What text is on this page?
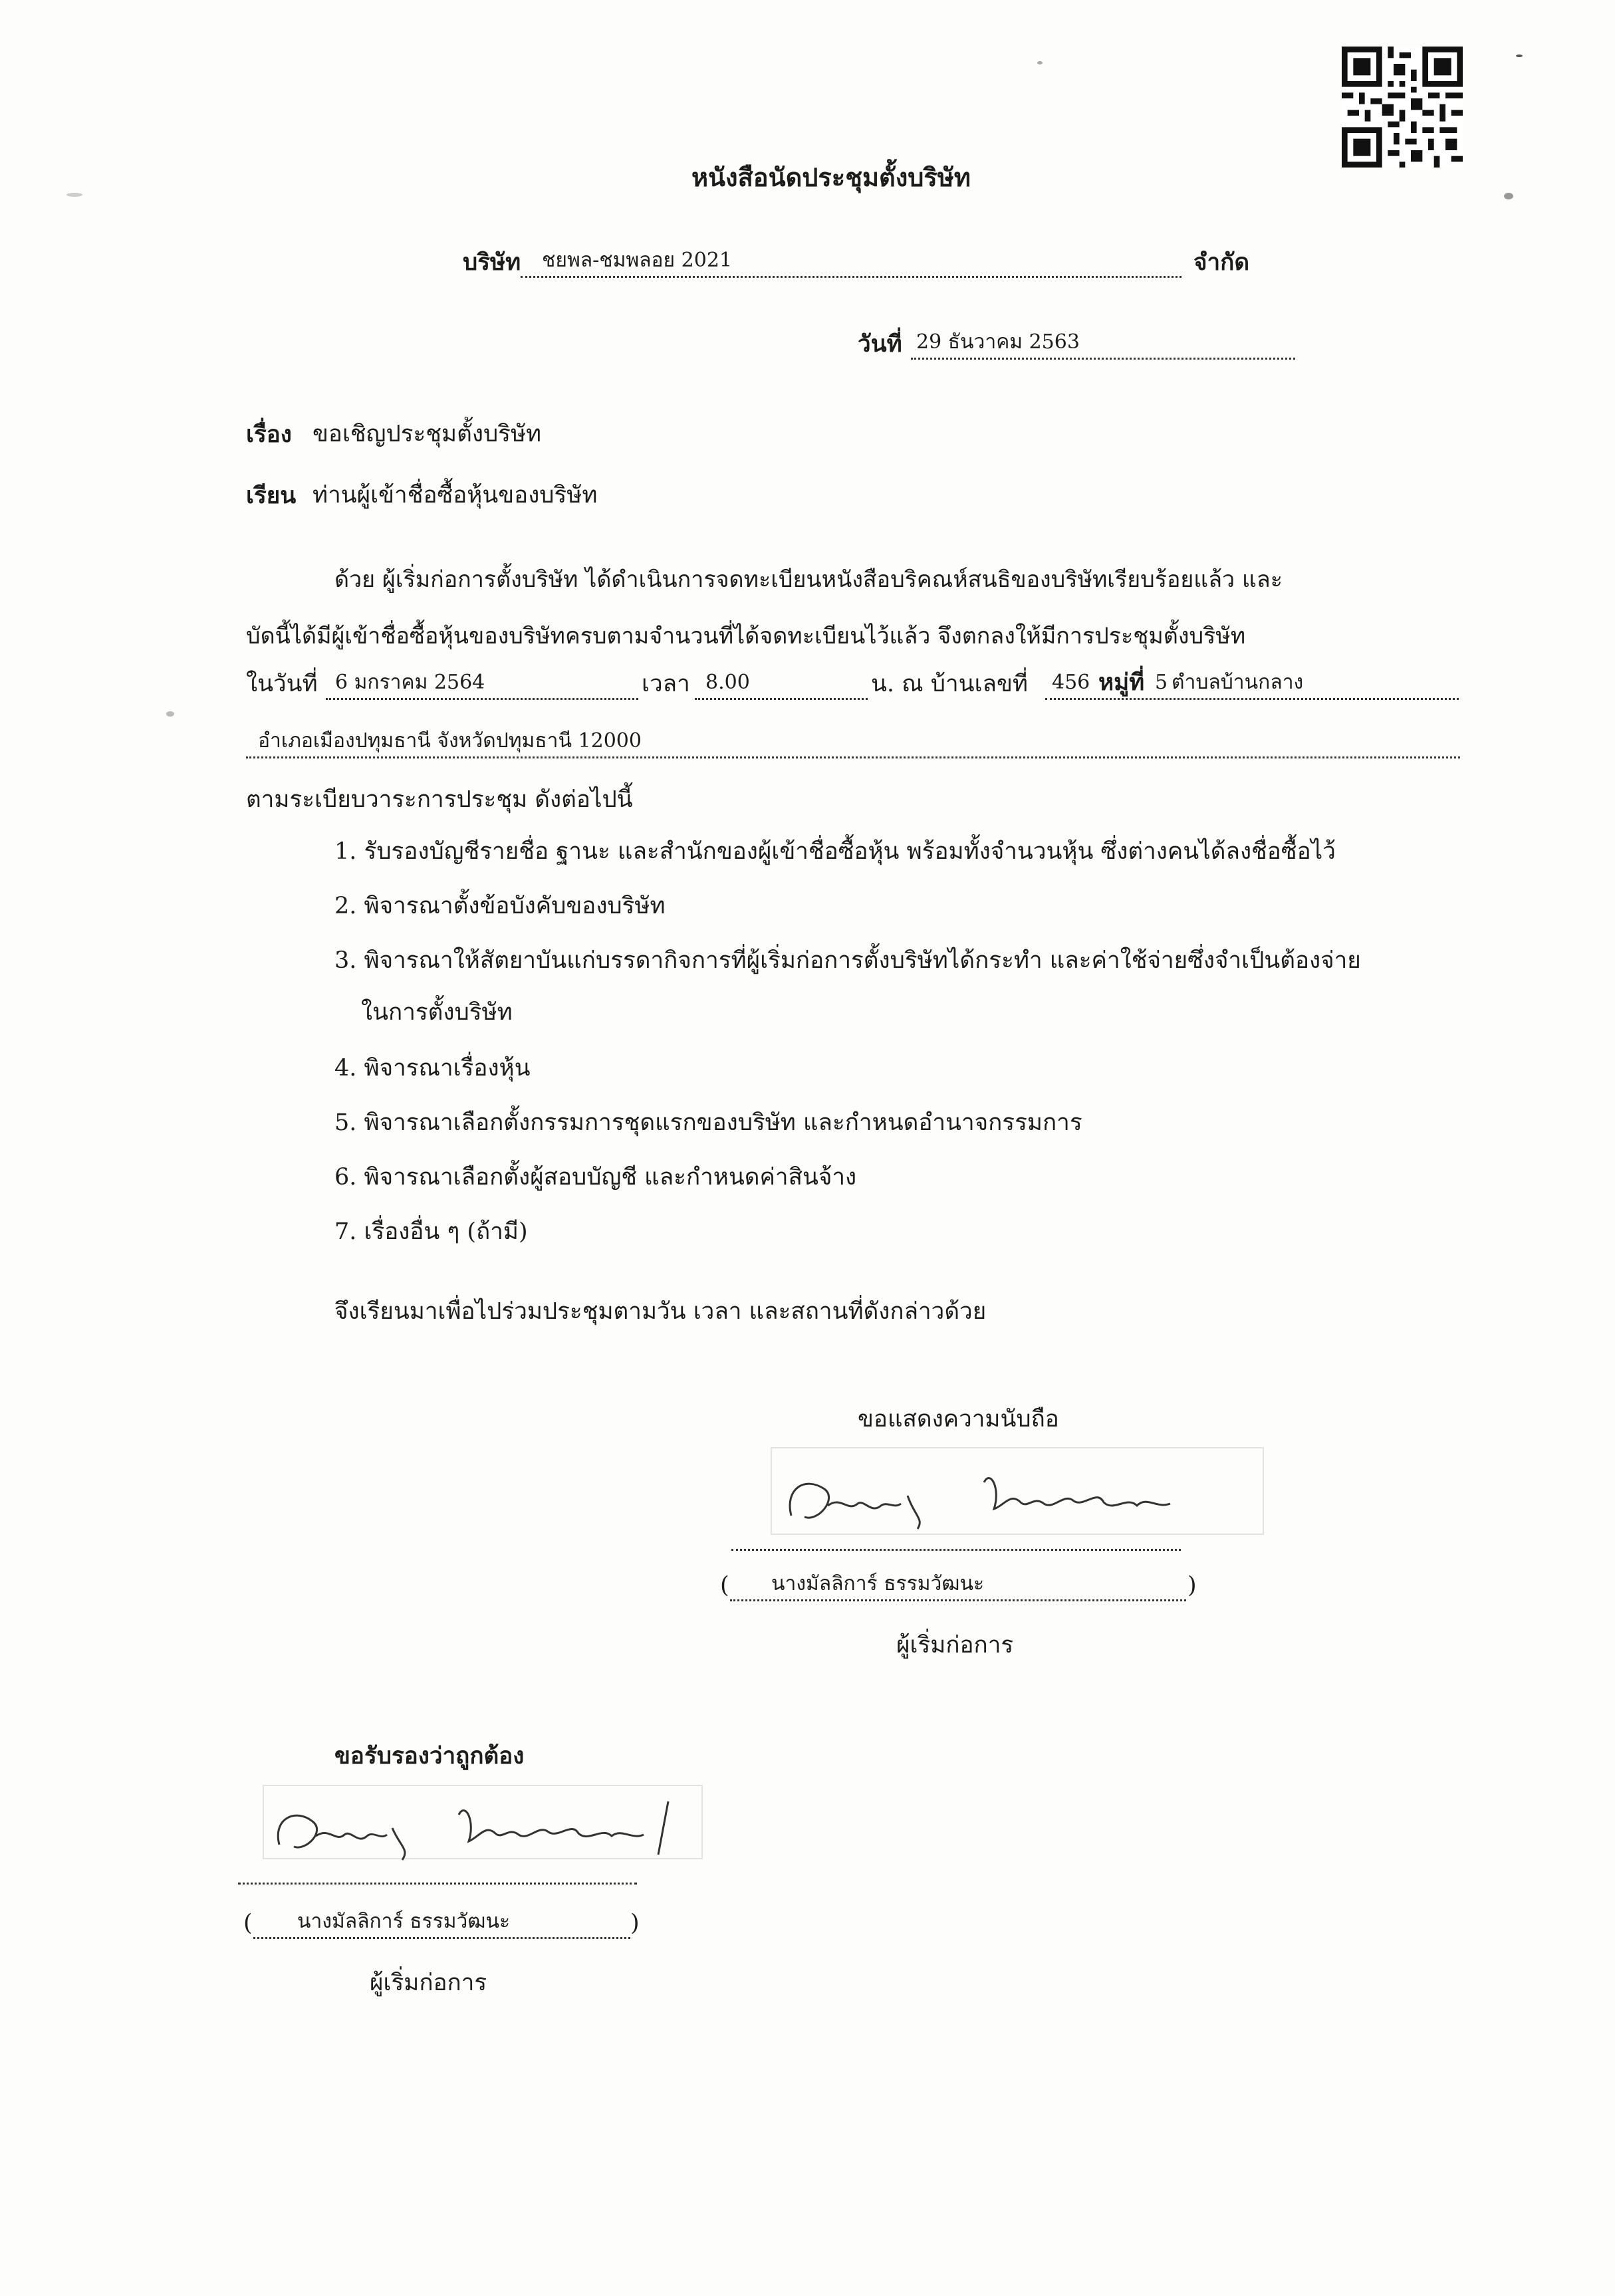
หนังสือนัดประชุมตั้งบริษัท
บริษัท ชยพล-ชมพลอย 2021	จำกัด
วันที่ 29 ธันวาคม 2563
เรื่อง ขอเชิญประชุมตั้งบริษัท
เรียน ท่านผู้เข้าชื่อซื้อหุ้นของบริษัท
ด้วย ผู้เริ่มก่อการตั้งบริษัท ได้ดำเนินการจดทะเบียนหนังสือบริคณห์สนธิของบริษัทเรียบร้อยแล้ว และ
บัดนี้ได้มีผู้เข้าชื่อซื้อหุ้นของบริษัทครบตามจำนวนที่ได้จดทะเบียนไว้แล้ว จึงตกลงให้มีการประชุมตั้งบริษัท
ในวันที่ 6 มกราคม 2564	เวลา 8.00	น. ณ บ้านเลขที่ 456 หมู่ที่ 5 ตำบลบ้านกลาง
อำเภอเมืองปทุมธานี จังหวัดปทุมธานี 12000
ตามระเบียบวาระการประชุม ดังต่อไปนี้
1. รับรองบัญชีรายชื่อ ฐานะ และสำนักของผู้เข้าชื่อซื้อหุ้น พร้อมทั้งจำนวนหุ้น ซึ่งต่างคนได้ลงชื่อซื้อไว้
2. พิจารณาตั้งข้อบังคับของบริษัท
3. พิจารณาให้สัตยาบันแก่บรรดากิจการที่ผู้เริ่มก่อการตั้งบริษัทได้กระทำ และค่าใช้จ่ายซึ่งจำเป็นต้องจ่าย
ในการตั้งบริษัท
4. พิจารณาเรื่องหุ้น
5. พิจารณาเลือกตั้งกรรมการชุดแรกของบริษัท และกำหนดอำนาจกรรมการ
6. พิจารณาเลือกตั้งผู้สอบบัญชี และกำหนดค่าสินจ้าง
7. เรื่องอื่น ๆ (ถ้ามี)
จึงเรียนมาเพื่อไปร่วมประชุมตามวัน เวลา และสถานที่ดังกล่าวด้วย
ขอแสดงความนับถือ
( นางมัลลิการ์ ธรรมวัฒนะ	)
ผู้เริ่มก่อการ
ขอรับรองว่าถูกต้อง
( นางมัลลิการ์ ธรรมวัฒนะ	)
ผู้เริ่มก่อการ
